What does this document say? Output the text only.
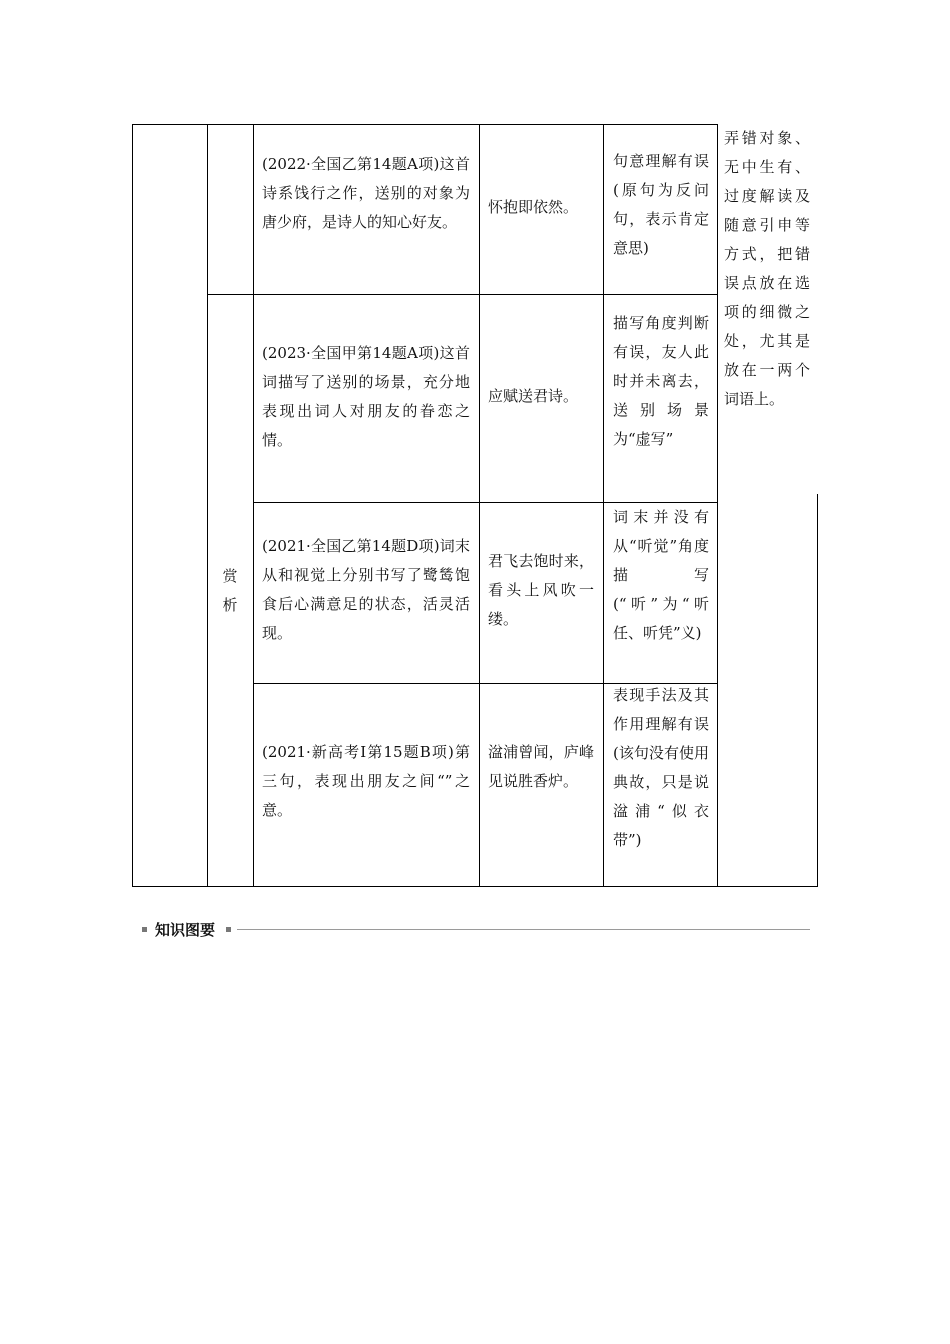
弄错对象、无中生有、过度解读及随意引申等方式，把错误点放在选项的细微之处，尤其是放在一两个词语上。
赏析
(2022·全国乙第14题A项)这首诗系饯行之作，送别的对象为唐少府，是诗人的知心好友。
怀抱即依然。
句意理解有误(原句为反问句，表示肯定意思)
(2023·全国甲第14题A项)这首词描写了送别的场景，充分地表现出词人对朋友的眷恋之情。
应赋送君诗。
描写角度判断有误，友人此时并未离去，送别场景为“虚写”
(2021·全国乙第14题D项)词末从和视觉上分别书写了鹭鸶饱食后心满意足的状态，活灵活现。
君飞去饱时来，看头上风吹一缕。
词末并没有从“听觉”角度描写(“听”为“听任、听凭”义)
(2021·新高考Ⅰ第15题B项)第三句，表现出朋友之间“”之意。
湓浦曾闻，庐峰见说胜香炉。
表现手法及其作用理解有误(该句没有使用典故，只是说湓浦“似衣带”)
知识图要
